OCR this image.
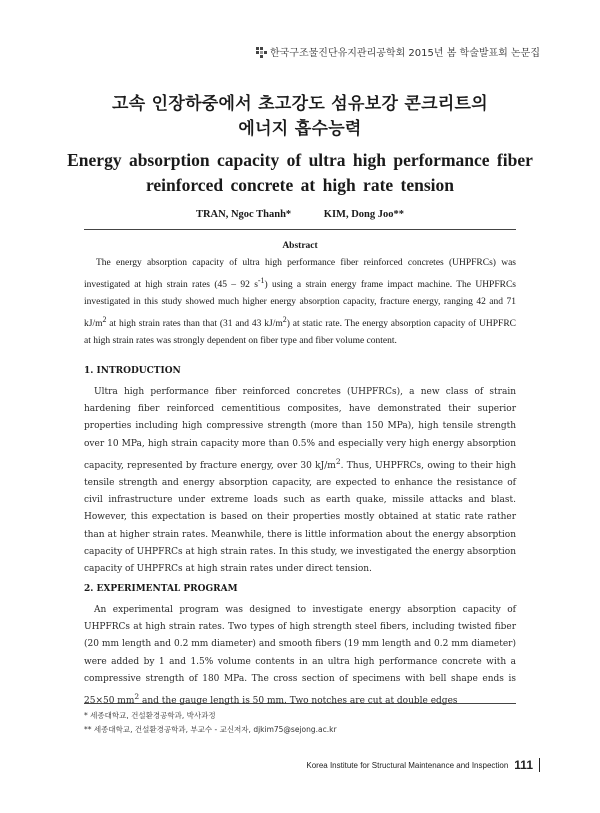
한국구조물진단유지관리공학회 2015년 봄 학술발표회 논문집
고속 인장하중에서 초고강도 섬유보강 콘크리트의
에너지 흡수능력
Energy absorption capacity of ultra high performance fiber
reinforced concrete at high rate tension
TRAN, Ngoc Thanh*	KIM, Dong Joo**
Abstract

The energy absorption capacity of ultra high performance fiber reinforced concretes (UHPFRCs) was investigated at high strain rates (45 – 92 $s^{-1}$) using a strain energy frame impact machine. The UHPFRCs investigated in this study showed much higher energy absorption capacity, fracture energy, ranging 42 and 71 $kJ/m^2$ at high strain rates than that (31 and 43 $kJ/m^2$) at static rate. The energy absorption capacity of UHPFRC at high strain rates was strongly dependent on fiber type and fiber volume content.

1. INTRODUCTION

Ultra high performance fiber reinforced concretes (UHPFRCs), a new class of strain hardening fiber reinforced cementitious composites, have demonstrated their superior properties including high compressive strength (more than 150 MPa), high tensile strength over 10 MPa, high strain capacity more than 0.5% and especially very high energy absorption capacity, represented by fracture energy, over 30 $kJ/m^2$. Thus, UHPFRCs, owing to their high tensile strength and energy absorption capacity, are expected to enhance the resistance of civil infrastructure under extreme loads such as earth quake, missile attacks and blast. However, this expectation is based on their properties mostly obtained at static rate rather than at higher strain rates. Meanwhile, there is little information about the energy absorption capacity of UHPFRCs at high strain rates. In this study, we investigated the energy absorption capacity of UHPFRCs at high strain rates under direct tension.

2. EXPERIMENTAL PROGRAM

An experimental program was designed to investigate energy absorption capacity of UHPFRCs at high strain rates. Two types of high strength steel fibers, including twisted fiber (20 mm length and 0.2 mm diameter) and smooth fibers (19 mm length and 0.2 mm diameter) were added by 1 and 1.5% volume contents in an ultra high performance concrete with a compressive strength of 180 MPa. The cross section of specimens with bell shape ends is 25×50 $mm^2$ and the gauge length is 50 mm. Two notches are cut at double edges

* 세종대학교, 건설환경공학과, 박사과정
** 세종대학교, 건설환경공학과, 부교수 - 교신저자, djkim75@sejong.ac.kr
Korea Institute for Structural Maintenance and Inspection 111
